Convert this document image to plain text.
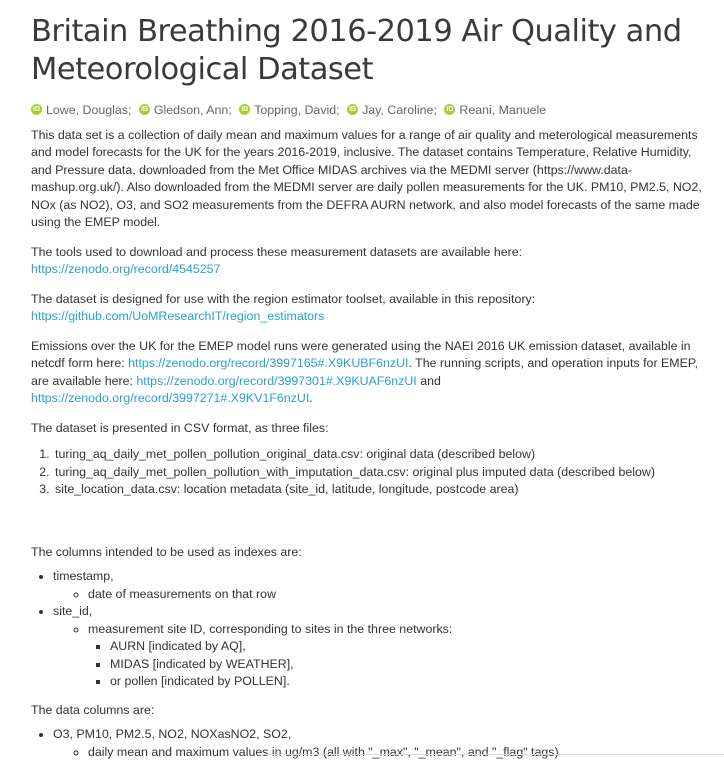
Britain Breathing 2016-2019 Air Quality and Meteorological Dataset
iD Lowe, Douglas ;
iD Gledson, Ann ;
iD Topping, David ;
iD Jay, Caroline ;
iD Reani, Manuele

This data set is a collection of daily mean and maximum values for a range of air quality and meterological measurements and model forecasts for the UK for the years 2016-2019, inclusive. The dataset contains Temperature, Relative Humidity, and Pressure data, downloaded from the Met Office MIDAS archives via the MEDMI server (https://www.data-mashup.org.uk/). Also downloaded from the MEDMI server are daily pollen measurements for the UK. PM10, PM2.5, NO2, NOx (as NO2), O3, and SO2 measurements from the DEFRA AURN network, and also model forecasts of the same made using the EMEP model.

The tools used to download and process these measurement datasets are available here:
https://zenodo.org/record/4545257

The dataset is designed for use with the region estimator toolset, available in this repository:
https://github.com/UoMResearchIT/region_estimators

Emissions over the UK for the EMEP model runs were generated using the NAEI 2016 UK emission dataset, available in netcdf form here: https://zenodo.org/record/3997165#.X9KUBF6nzUI. The running scripts, and operation inputs for EMEP, are available here: https://zenodo.org/record/3997301#.X9KUAF6nzUI and https://zenodo.org/record/3997271#.X9KV1F6nzUI.

The dataset is presented in CSV format, as three files:

1. turing_aq_daily_met_pollen_pollution_original_data.csv: original data (described below)
2. turing_aq_daily_met_pollen_pollution_with_imputation_data.csv: original plus imputed data (described below)
3. site_location_data.csv: location metadata (site_id, latitude, longitude, postcode area)

The columns intended to be used as indexes are:

• timestamp,
◦ date of measurements on that row
• site_id,
◦ measurement site ID, corresponding to sites in the three networks:
▪ AURN [indicated by AQ],
▪ MIDAS [indicated by WEATHER],
▪ or pollen [indicated by POLLEN].

The data columns are:

• O3, PM10, PM2.5, NO2, NOXasNO2, SO2,
◦ daily mean and maximum values in ug/m3 (all with "_max", "_mean", and "_flag" tags)
